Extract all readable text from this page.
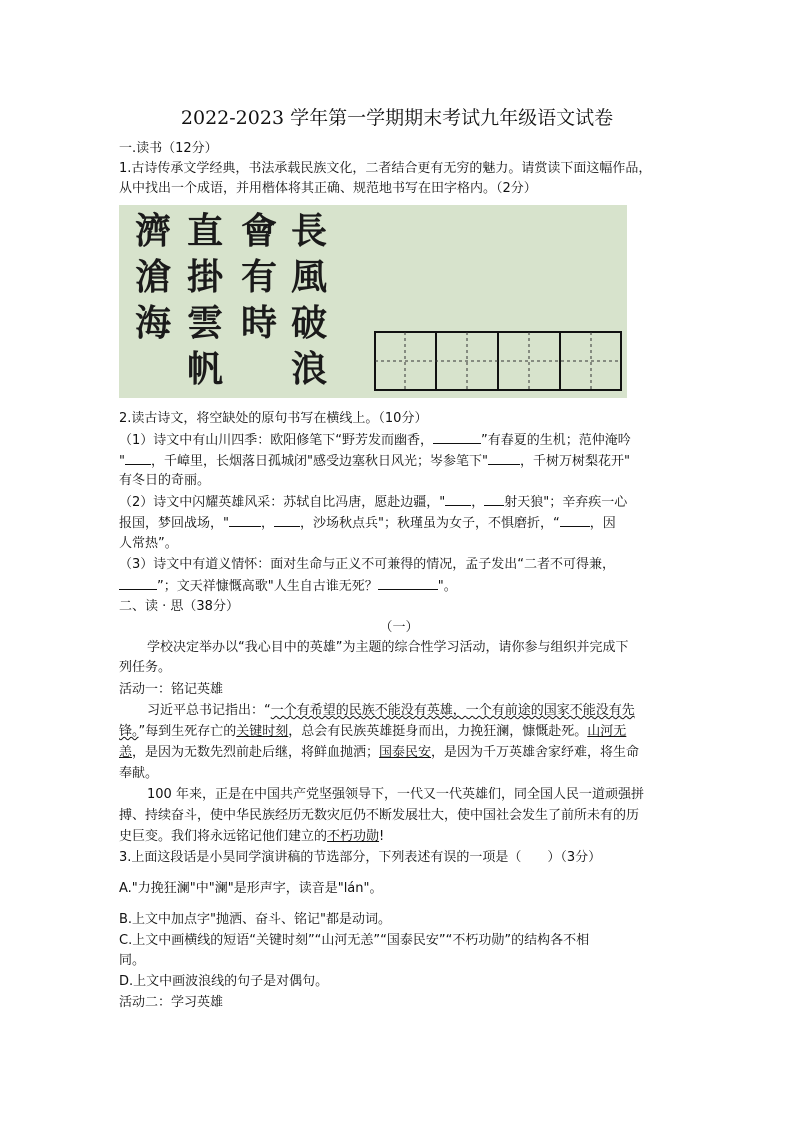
2022-2023 学年第一学期期末考试九年级语文试卷
一.读书（12分）
1.古诗传承文学经典，书法承载民族文化，二者结合更有无穷的魅力。请赏读下面这幅作品，
从中找出一个成语，并用楷体将其正确、规范地书写在田字格内。（2分）
濟
滄
海
直
掛
雲
帆
會
有
時
長
風
破
浪
2.读古诗文，将空缺处的原句书写在横线上。（10分）
（1）诗文中有山川四季：欧阳修笔下“野芳发而幽香，	”有春夏的生机；范仲淹吟
" ，千嶂里，长烟落日孤城闭"感受边塞秋日风光；岑参笔下" ，千树万树梨花开"
有冬日的奇丽。
（2）诗文中闪耀英雄风采：苏轼自比冯唐，愿赴边疆，" ， 射天狼"；辛弃疾一心
报国，梦回战场，" ， ，沙场秋点兵"；秋瑾虽为女子，不惧磨折，“ ，因
人常热”。
（3）诗文中有道义情怀：面对生命与正义不可兼得的情况，孟子发出“二者不可得兼，
”；文天祥慷慨高歌"人生自古谁无死？	"。
二、读 · 思（38分）
（一）
学校决定举办以“我心目中的英雄”为主题的综合性学习活动，请你参与组织并完成下
列任务。
活动一：铭记英雄
习近平总书记指出：“一个有希望的民族不能没有英雄，一个有前途的国家不能没有先
锋。”每到生死存亡的关键时刻，总会有民族英雄挺身而出，力挽狂澜，慷慨赴死。山河无
恙，是因为无数先烈前赴后继，将鲜血抛洒；国泰民安，是因为千万英雄舍家纾难，将生命
奉献。
100 年来，正是在中国共产党坚强领导下，一代又一代英雄们，同全国人民一道顽强拼
搏、持续奋斗，使中华民族经历无数灾厄仍不断发展壮大，使中国社会发生了前所未有的历
史巨变。我们将永远铭记他们建立的不朽功勋!
3.上面这段话是小昊同学演讲稿的节选部分，下列表述有误的一项是（　　）（3分）
A."力挽狂澜"中"澜"是形声字，读音是"lán"。
B.上文中加点字"抛洒、奋斗、铭记"都是动词。
C.上文中画横线的短语“关键时刻”“山河无恙”“国泰民安”“不朽功勋”的结构各不相
同。
D.上文中画波浪线的句子是对偶句。
活动二：学习英雄
